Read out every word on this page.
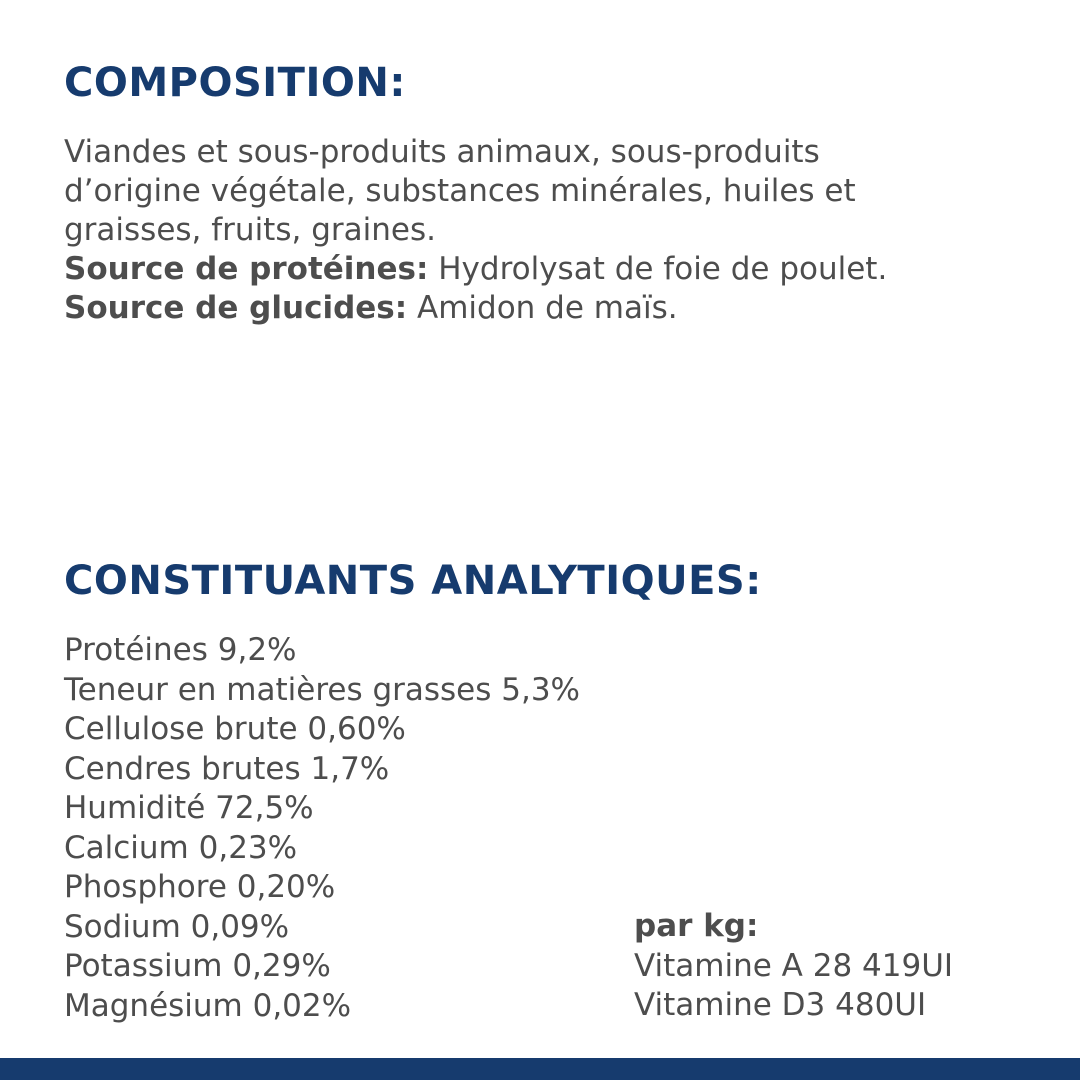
COMPOSITION:
Viandes et sous-produits animaux, sous-produits
d’origine végétale, substances minérales, huiles et
graisses, fruits, graines.
Source de protéines: Hydrolysat de foie de poulet.
Source de glucides: Amidon de maïs.
CONSTITUANTS ANALYTIQUES:
Protéines 9,2%
Teneur en matières grasses 5,3%
Cellulose brute 0,60%
Cendres brutes 1,7%
Humidité 72,5%
Calcium 0,23%
Phosphore 0,20%
Sodium 0,09%
Potassium 0,29%
Magnésium 0,02%
par kg:
Vitamine A 28 419UI
Vitamine D3 480UI
